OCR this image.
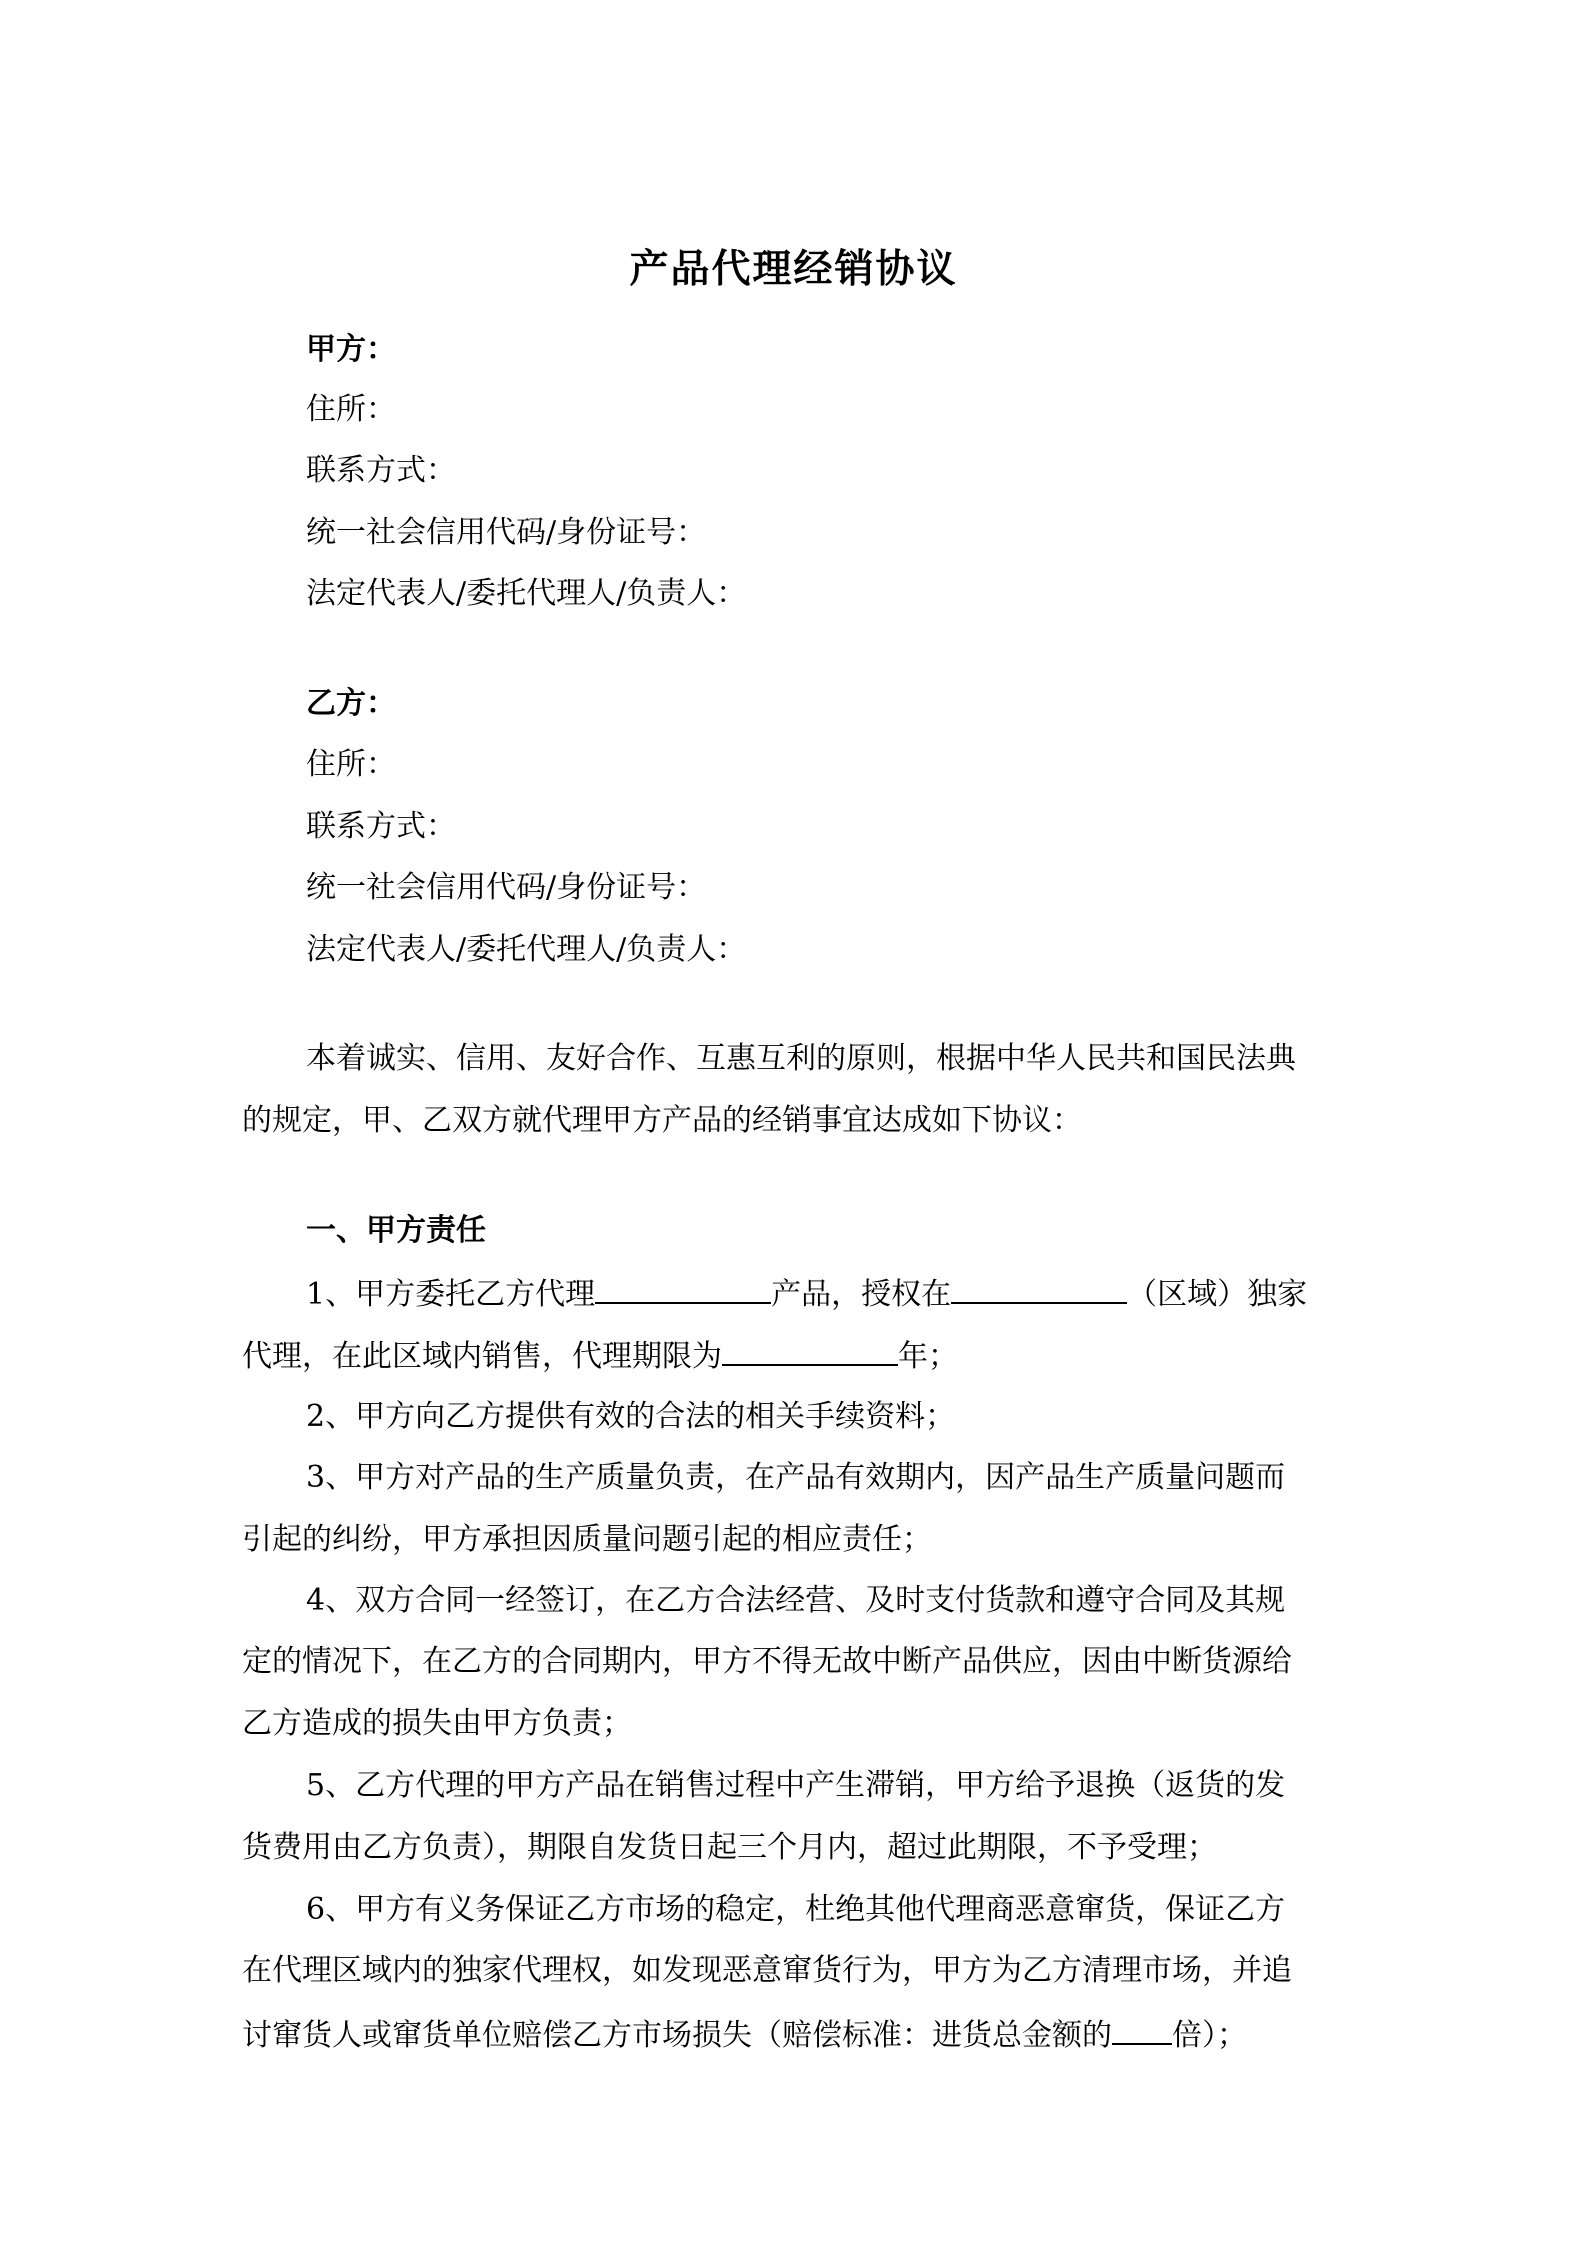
产品代理经销协议
甲方：
住所：
联系方式：
统一社会信用代码/身份证号：
法定代表人/委托代理人/负责人：
乙方：
住所：
联系方式：
统一社会信用代码/身份证号：
法定代表人/委托代理人/负责人：
本着诚实、信用、友好合作、互惠互利的原则，根据中华人民共和国民法典
的规定，甲、乙双方就代理甲方产品的经销事宜达成如下协议：
一、甲方责任
1、甲方委托乙方代理	产品，授权在	（区域）独家
代理，在此区域内销售，代理期限为	年；
2、甲方向乙方提供有效的合法的相关手续资料；
3、甲方对产品的生产质量负责，在产品有效期内，因产品生产质量问题而
引起的纠纷，甲方承担因质量问题引起的相应责任；
4、双方合同一经签订，在乙方合法经营、及时支付货款和遵守合同及其规
定的情况下，在乙方的合同期内，甲方不得无故中断产品供应，因由中断货源给
乙方造成的损失由甲方负责；
5、乙方代理的甲方产品在销售过程中产生滞销，甲方给予退换（返货的发
货费用由乙方负责），期限自发货日起三个月内，超过此期限，不予受理；
6、甲方有义务保证乙方市场的稳定，杜绝其他代理商恶意窜货，保证乙方
在代理区域内的独家代理权，如发现恶意窜货行为，甲方为乙方清理市场，并追
讨窜货人或窜货单位赔偿乙方市场损失（赔偿标准：进货总金额的 倍）；
